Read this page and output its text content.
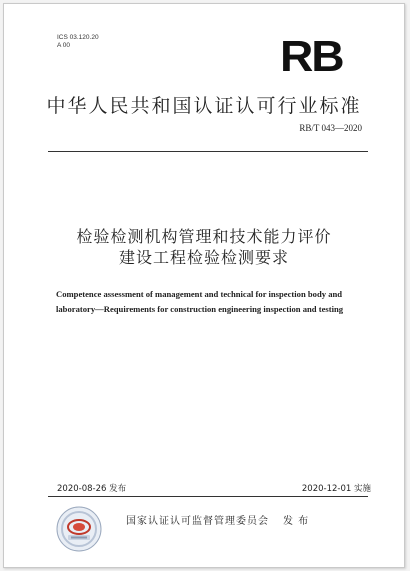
ICS 03.120.20
A 00	RB
中华人民共和国认证认可行业标准
RB/T 043—2020
检验检测机构管理和技术能力评价
建设工程检验检测要求
Competence assessment of management and technical for inspection body and
laboratory—Requirements for construction engineering inspection and testing
2020-08-26 发布	2020-12-01 实施
国家认证认可监督管理委员会 发 布
